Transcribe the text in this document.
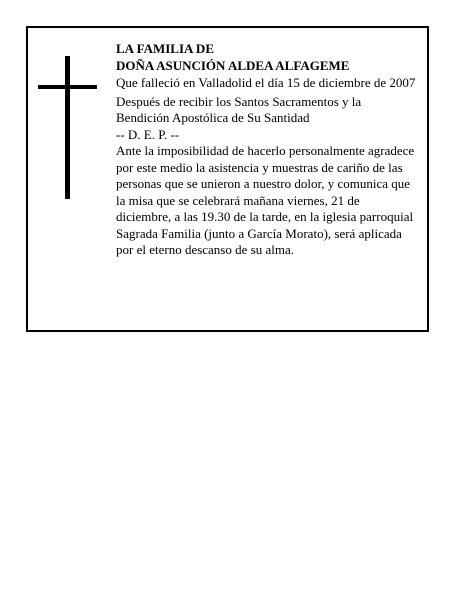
LA FAMILIA DE

DOÑA ASUNCIÓN ALDEA ALFAGEME

Que falleció en Valladolid el día 15 de diciembre de 2007

Después de recibir los Santos Sacramentos y la Bendición Apostólica de Su Santidad

-- D. E. P. --

Ante la imposibilidad de hacerlo personalmente agradece por este medio la asistencia y muestras de cariño de las personas que se unieron a nuestro dolor, y comunica que la misa que se celebrará mañana viernes, 21 de diciembre, a las 19.30 de la tarde, en la iglesia parroquial Sagrada Familia (junto a García Morato), será aplicada por el eterno descanso de su alma.
